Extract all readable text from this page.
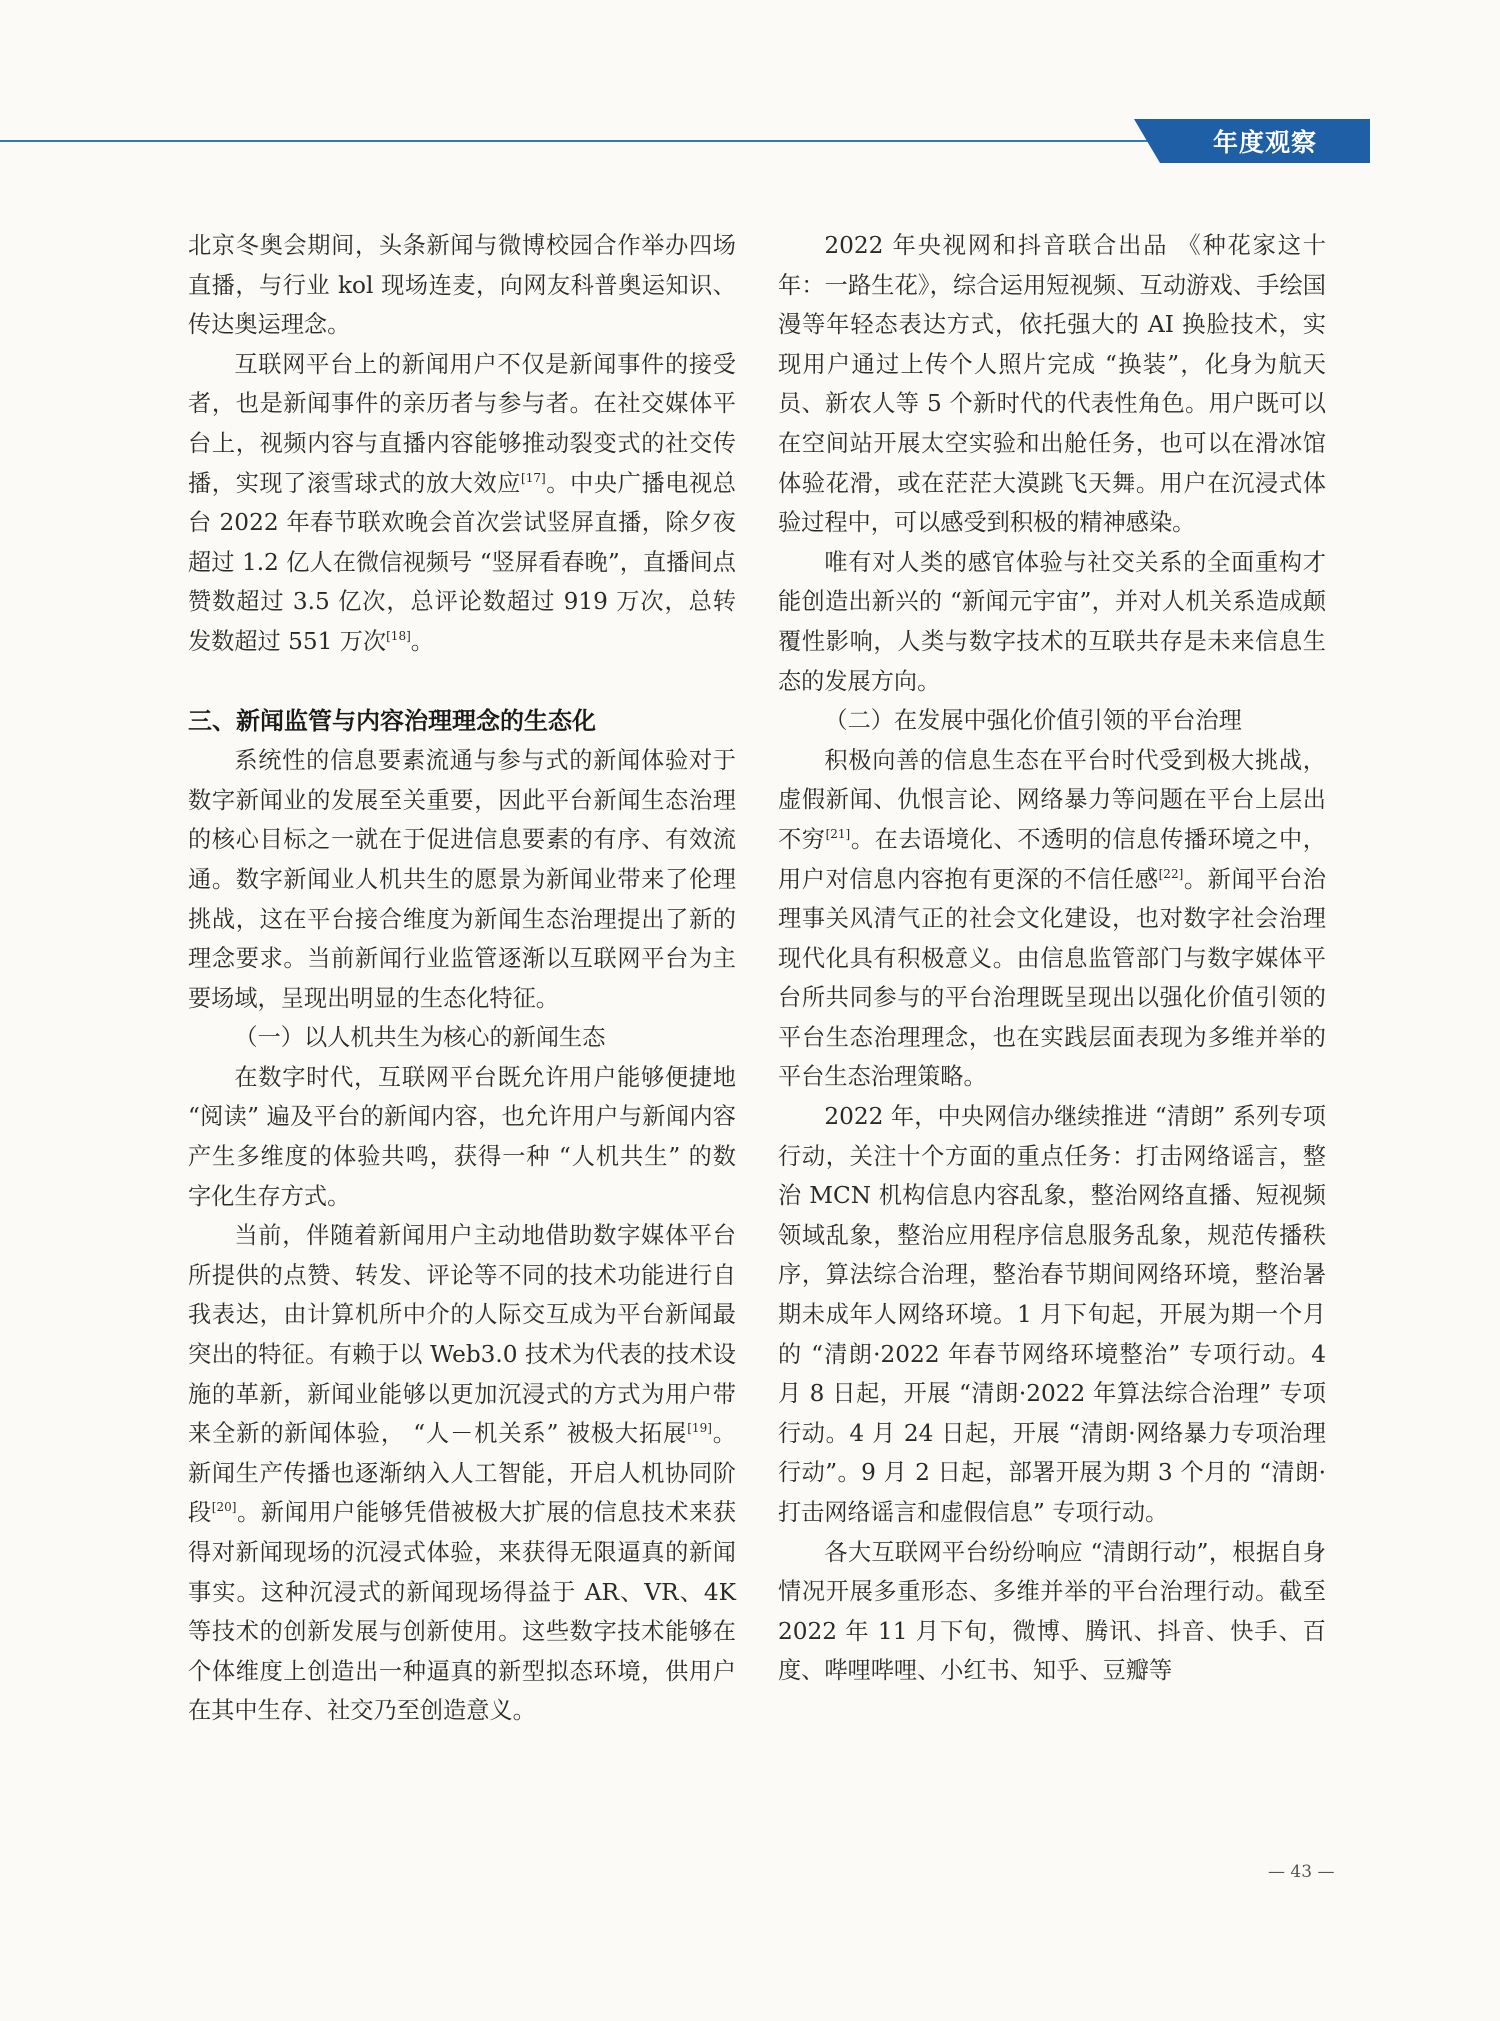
年度观察

北京冬奥会期间，头条新闻与微博校园合作举办四场直播，与行业 kol 现场连麦，向网友科普奥运知识、传达奥运理念。

互联网平台上的新闻用户不仅是新闻事件的接受者，也是新闻事件的亲历者与参与者。在社交媒体平台上，视频内容与直播内容能够推动裂变式的社交传播，实现了滚雪球式的放大效应[17]。中央广播电视总台 2022 年春节联欢晚会首次尝试竖屏直播，除夕夜超过 1.2 亿人在微信视频号 “竖屏看春晚”，直播间点赞数超过 3.5 亿次，总评论数超过 919 万次，总转发数超过 551 万次[18]。

三、新闻监管与内容治理理念的生态化

系统性的信息要素流通与参与式的新闻体验对于数字新闻业的发展至关重要，因此平台新闻生态治理的核心目标之一就在于促进信息要素的有序、有效流通。数字新闻业人机共生的愿景为新闻业带来了伦理挑战，这在平台接合维度为新闻生态治理提出了新的理念要求。当前新闻行业监管逐渐以互联网平台为主要场域，呈现出明显的生态化特征。

（一）以人机共生为核心的新闻生态

在数字时代，互联网平台既允许用户能够便捷地 “阅读” 遍及平台的新闻内容，也允许用户与新闻内容产生多维度的体验共鸣，获得一种 “人机共生” 的数字化生存方式。

当前，伴随着新闻用户主动地借助数字媒体平台所提供的点赞、转发、评论等不同的技术功能进行自我表达，由计算机所中介的人际交互成为平台新闻最突出的特征。有赖于以 Web3.0 技术为代表的技术设施的革新，新闻业能够以更加沉浸式的方式为用户带来全新的新闻体验， “人－机关系” 被极大拓展[19]。新闻生产传播也逐渐纳入人工智能，开启人机协同阶段[20]。新闻用户能够凭借被极大扩展的信息技术来获得对新闻现场的沉浸式体验，来获得无限逼真的新闻事实。这种沉浸式的新闻现场得益于 AR、VR、4K 等技术的创新发展与创新使用。这些数字技术能够在个体维度上创造出一种逼真的新型拟态环境，供用户在其中生存、社交乃至创造意义。

2022 年央视网和抖音联合出品 《种花家这十年：一路生花》，综合运用短视频、互动游戏、手绘国漫等年轻态表达方式，依托强大的 AI 换脸技术，实现用户通过上传个人照片完成 “换装”，化身为航天员、新农人等 5 个新时代的代表性角色。用户既可以在空间站开展太空实验和出舱任务，也可以在滑冰馆体验花滑，或在茫茫大漠跳飞天舞。用户在沉浸式体验过程中，可以感受到积极的精神感染。

唯有对人类的感官体验与社交关系的全面重构才能创造出新兴的 “新闻元宇宙”，并对人机关系造成颠覆性影响，人类与数字技术的互联共存是未来信息生态的发展方向。

（二）在发展中强化价值引领的平台治理

积极向善的信息生态在平台时代受到极大挑战，虚假新闻、仇恨言论、网络暴力等问题在平台上层出不穷[21]。在去语境化、不透明的信息传播环境之中，用户对信息内容抱有更深的不信任感[22]。新闻平台治理事关风清气正的社会文化建设，也对数字社会治理现代化具有积极意义。由信息监管部门与数字媒体平台所共同参与的平台治理既呈现出以强化价值引领的平台生态治理理念，也在实践层面表现为多维并举的平台生态治理策略。

2022 年，中央网信办继续推进 “清朗” 系列专项行动，关注十个方面的重点任务：打击网络谣言，整治 MCN 机构信息内容乱象，整治网络直播、短视频领域乱象，整治应用程序信息服务乱象，规范传播秩序，算法综合治理，整治春节期间网络环境，整治暑期未成年人网络环境。1 月下旬起，开展为期一个月的 “清朗·2022 年春节网络环境整治” 专项行动。4 月 8 日起，开展 “清朗·2022 年算法综合治理” 专项行动。4 月 24 日起，开展 “清朗·网络暴力专项治理行动”。9 月 2 日起，部署开展为期 3 个月的 “清朗·打击网络谣言和虚假信息” 专项行动。

各大互联网平台纷纷响应 “清朗行动”，根据自身情况开展多重形态、多维并举的平台治理行动。截至 2022 年 11 月下旬，微博、腾讯、抖音、快手、百度、哔哩哔哩、小红书、知乎、豆瓣等

— 43 —
